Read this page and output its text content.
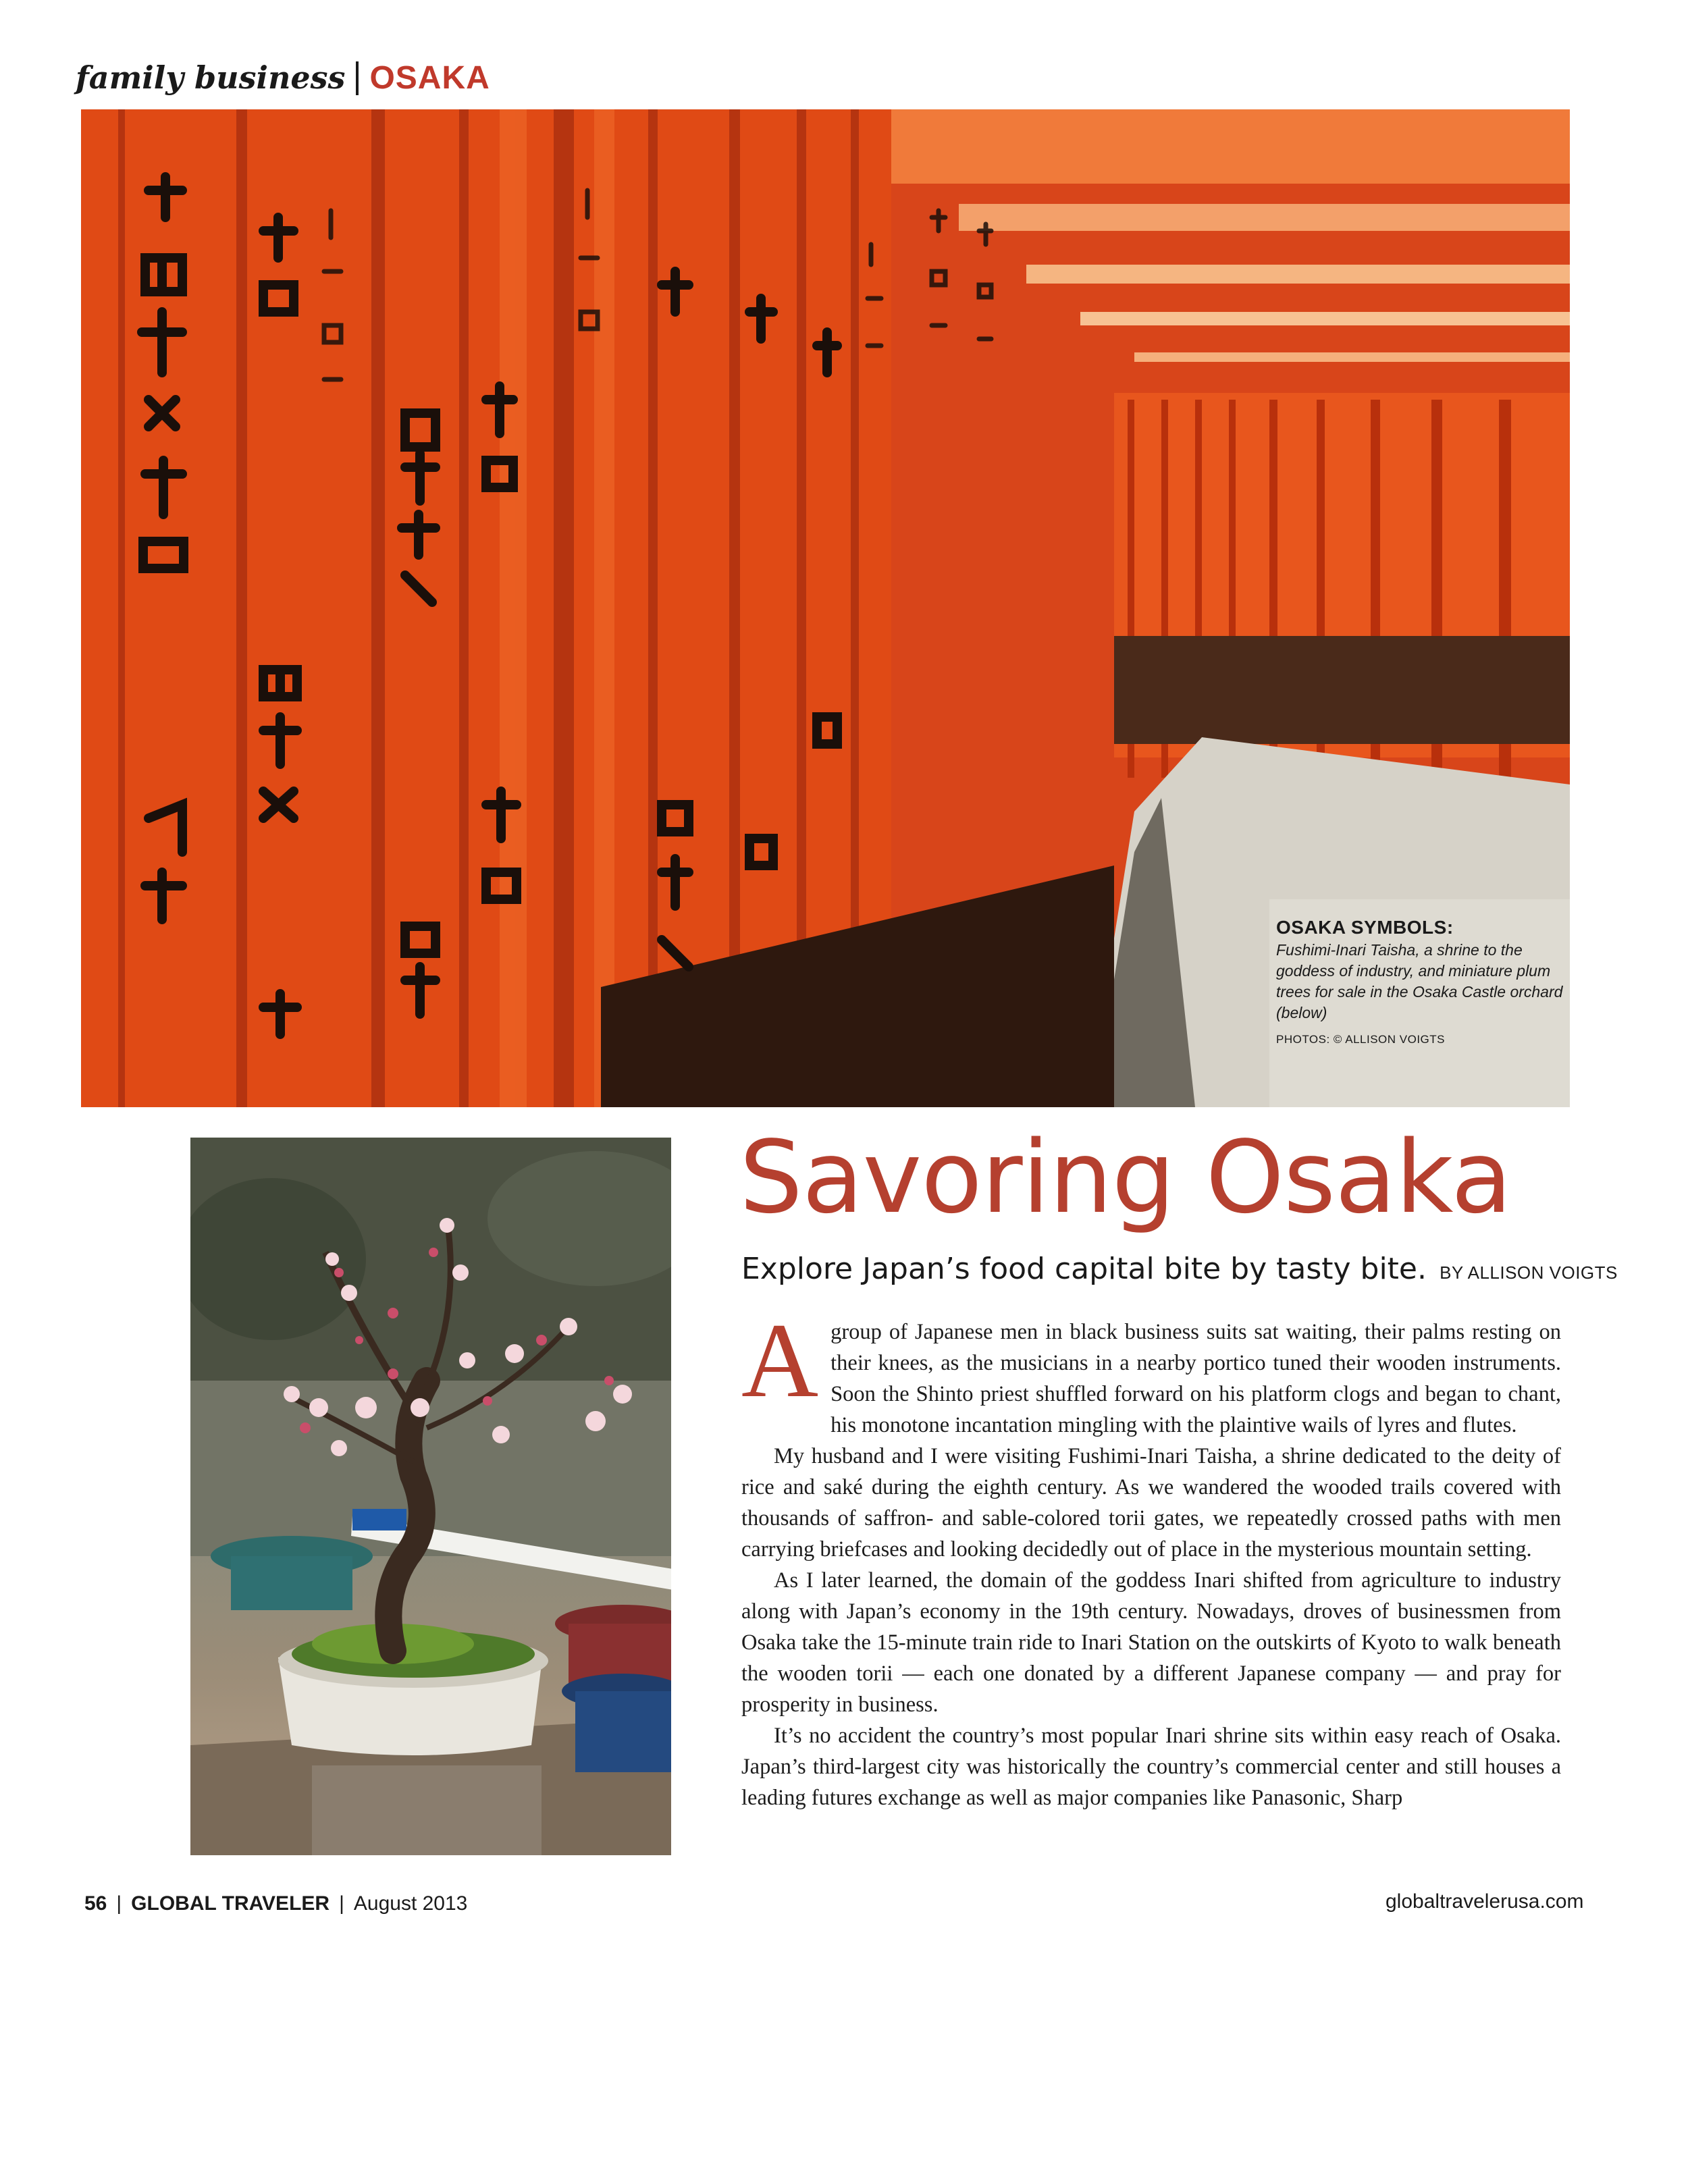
family business OSAKA
OSAKA SYMBOLS:
Fushimi-Inari Taisha, a shrine to the goddess of industry, and miniature plum trees for sale in the Osaka Castle orchard (below)
PHOTOS: © ALLISON VOIGTS
Savoring Osaka
Explore Japan’s food capital bite by tasty bite. BY ALLISON VOIGTS
A group of Japanese men in black business suits sat waiting, their palms resting on their knees, as the musicians in a nearby portico tuned their wooden instruments. Soon the Shinto priest shuffled forward on his platform clogs and began to chant, his monotone incantation mingling with the plaintive wails of lyres and flutes.

My husband and I were visiting Fushimi-Inari Taisha, a shrine dedicated to the deity of rice and saké during the eighth century. As we wandered the wooded trails covered with thousands of saffron- and sable-colored torii gates, we repeatedly crossed paths with men carrying briefcases and looking decidedly out of place in the mysterious mountain setting.

As I later learned, the domain of the goddess Inari shifted from agriculture to industry along with Japan’s economy in the 19th century. Nowadays, droves of businessmen from Osaka take the 15-minute train ride to Inari Station on the outskirts of Kyoto to walk beneath the wooden torii — each one donated by a different Japanese company — and pray for prosperity in business.

It’s no accident the country’s most popular Inari shrine sits within easy reach of Osaka. Japan’s third-largest city was historically the country’s commercial center and still houses a leading futures exchange as well as major companies like Panasonic, Sharp

56 | GLOBAL TRAVELER | August 2013	globaltravelerusa.com
